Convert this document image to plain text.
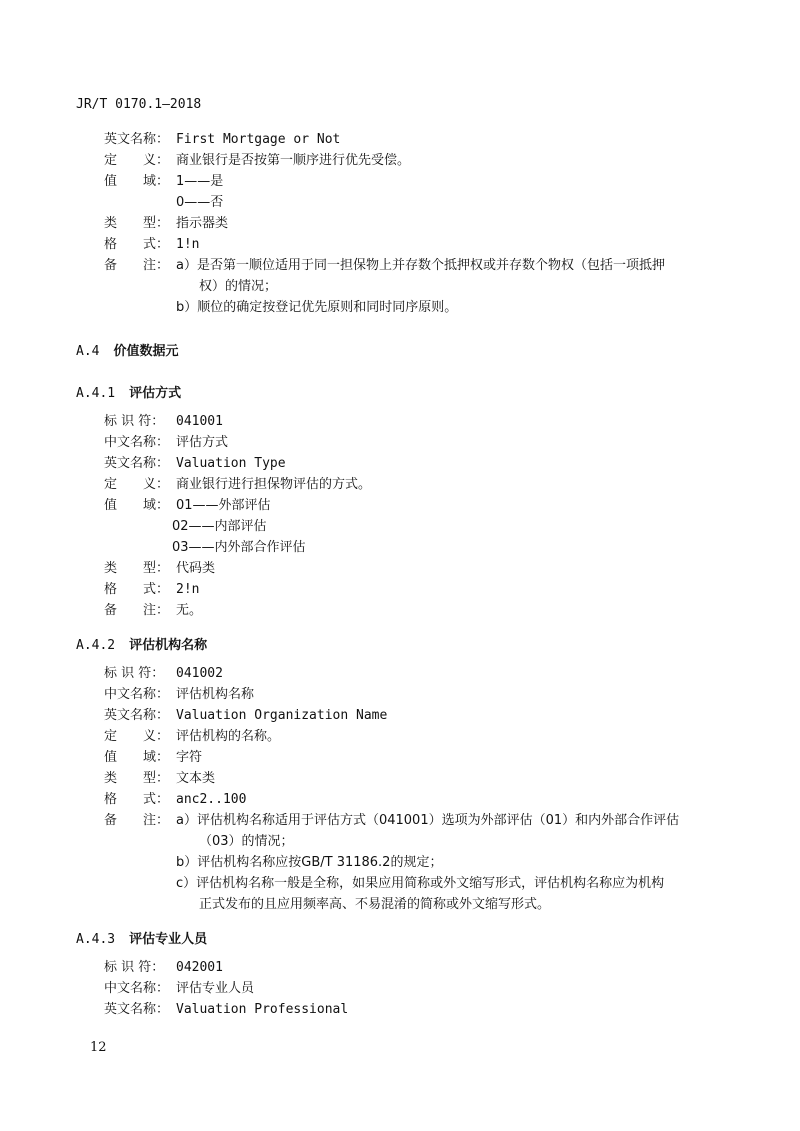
JR/T 0170.1—2018
英文名称： First Mortgage or Not
定　　义： 商业银行是否按第一顺序进行优先受偿。
值　　域： 1——是
0——否
类　　型： 指示器类
格　　式： 1!n
备　　注： a）是否第一顺位适用于同一担保物上并存数个抵押权或并存数个物权（包括一项抵押
权）的情况；
b）顺位的确定按登记优先原则和同时同序原则。
A.4 价值数据元
A.4.1 评估方式
标 识 符： 041001
中文名称： 评估方式
英文名称： Valuation Type
定　　义： 商业银行进行担保物评估的方式。
值　　域： 01——外部评估
02——内部评估
03——内外部合作评估
类　　型： 代码类
格　　式： 2!n
备　　注： 无。
A.4.2 评估机构名称
标 识 符： 041002
中文名称： 评估机构名称
英文名称： Valuation Organization Name
定　　义： 评估机构的名称。
值　　域： 字符
类　　型： 文本类
格　　式： anc2..100
备　　注： a）评估机构名称适用于评估方式（041001）选项为外部评估（01）和内外部合作评估
（03）的情况；
b）评估机构名称应按GB/T 31186.2的规定；
c）评估机构名称一般是全称，如果应用简称或外文缩写形式，评估机构名称应为机构
正式发布的且应用频率高、不易混淆的简称或外文缩写形式。
A.4.3 评估专业人员
标 识 符： 042001
中文名称： 评估专业人员
英文名称： Valuation Professional
12
